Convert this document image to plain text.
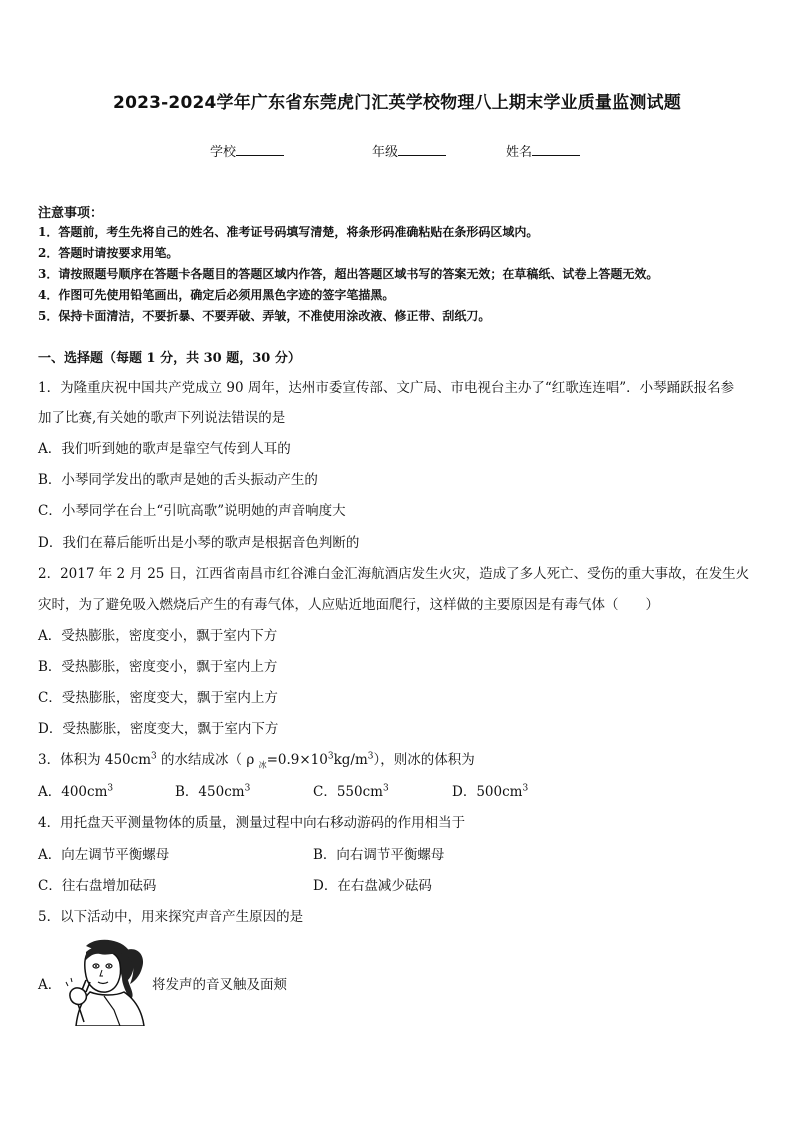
2023-2024学年广东省东莞虎门汇英学校物理八上期末学业质量监测试题
学校	年级	姓名
注意事项：
1．答题前，考生先将自己的姓名、准考证号码填写清楚，将条形码准确粘贴在条形码区域内。
2．答题时请按要求用笔。
3．请按照题号顺序在答题卡各题目的答题区域内作答，超出答题区域书写的答案无效；在草稿纸、试卷上答题无效。
4．作图可先使用铅笔画出，确定后必须用黑色字迹的签字笔描黑。
5．保持卡面清洁，不要折暴、不要弄破、弄皱，不准使用涂改液、修正带、刮纸刀。
一、选择题（每题 1 分，共 30 题，30 分）
1．为隆重庆祝中国共产党成立 90 周年，达州市委宣传部、文广局、市电视台主办了“红歌连连唱”．小琴踊跃报名参
加了比赛,有关她的歌声下列说法错误的是
A．我们听到她的歌声是靠空气传到人耳的
B．小琴同学发出的歌声是她的舌头振动产生的
C．小琴同学在台上“引吭高歌”说明她的声音响度大
D．我们在幕后能听出是小琴的歌声是根据音色判断的
2．2017 年 2 月 25 日，江西省南昌市红谷滩白金汇海航酒店发生火灾，造成了多人死亡、受伤的重大事故，在发生火
灾时，为了避免吸入燃烧后产生的有毒气体，人应贴近地面爬行，这样做的主要原因是有毒气体（　　）
A．受热膨胀，密度变小，飘于室内下方
B．受热膨胀，密度变小，飘于室内上方
C．受热膨胀，密度变大，飘于室内上方
D．受热膨胀，密度变大，飘于室内下方
3．体积为 $450cm^3$ 的水结成冰（ ρ $_冰=0.9\times 10^3kg/m^3$），则冰的体积为
A．$400cm^3$	B．$450cm^3$	C．$550cm^3$	D．$500cm^3$
4．用托盘天平测量物体的质量，测量过程中向右移动游码的作用相当于
A．向左调节平衡螺母	B．向右调节平衡螺母
C．往右盘增加砝码	D．在右盘减少砝码
5．以下活动中，用来探究声音产生原因的是
A．	将发声的音叉触及面颊
